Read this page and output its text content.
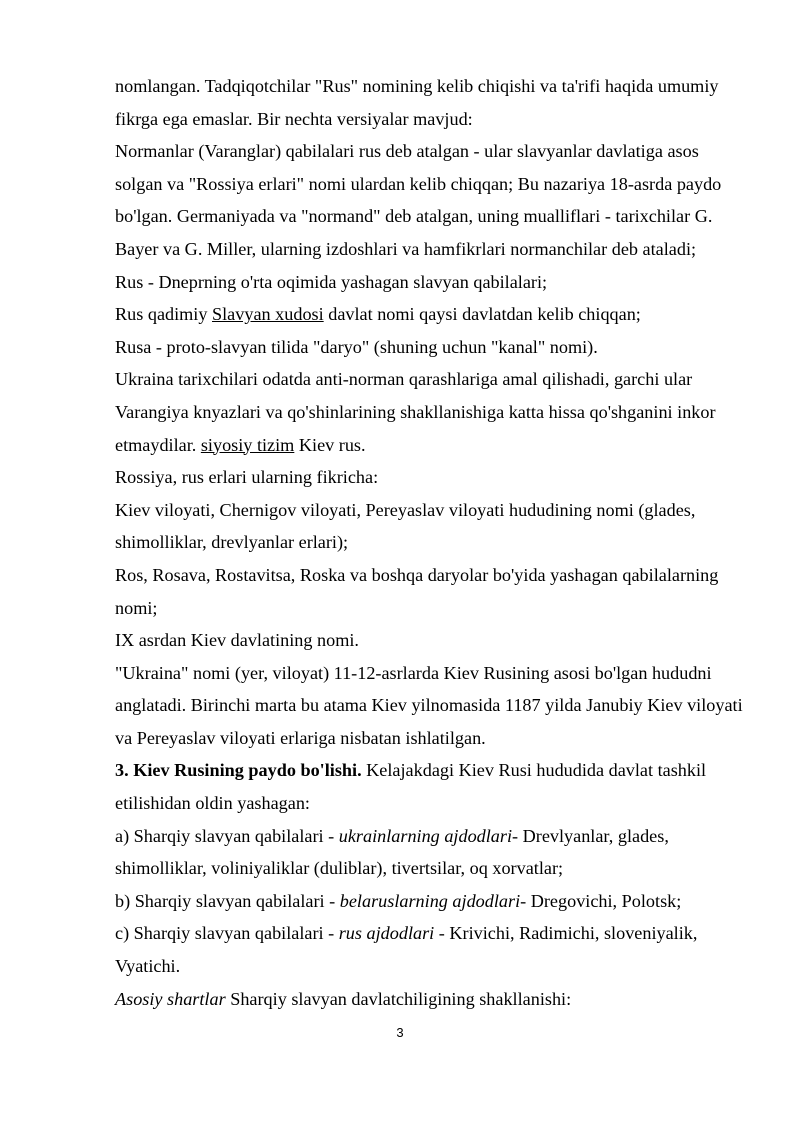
nomlangan. Tadqiqotchilar "Rus" nomining kelib chiqishi va ta'rifi haqida umumiy fikrga ega emaslar. Bir nechta versiyalar mavjud:

Normanlar (Varanglar) qabilalari rus deb atalgan - ular slavyanlar davlatiga asos solgan va "Rossiya erlari" nomi ulardan kelib chiqqan; Bu nazariya 18-asrda paydo bo'lgan. Germaniyada va "normand" deb atalgan, uning mualliflari - tarixchilar G. Bayer va G. Miller, ularning izdoshlari va hamfikrlari normanchilar deb ataladi;

Rus - Dneprning o'rta oqimida yashagan slavyan qabilalari;

Rus qadimiy Slavyan xudosi davlat nomi qaysi davlatdan kelib chiqqan;

Rusa - proto-slavyan tilida "daryo" (shuning uchun "kanal" nomi).

Ukraina tarixchilari odatda anti-norman qarashlariga amal qilishadi, garchi ular Varangiya knyazlari va qo'shinlarining shakllanishiga katta hissa qo'shganini inkor etmaydilar. siyosiy tizim Kiev rus.

Rossiya, rus erlari ularning fikricha:

Kiev viloyati, Chernigov viloyati, Pereyaslav viloyati hududining nomi (glades, shimolliklar, drevlyanlar erlari);

Ros, Rosava, Rostavitsa, Roska va boshqa daryolar bo'yida yashagan qabilalarning nomi;

IX asrdan Kiev davlatining nomi.

"Ukraina" nomi (yer, viloyat) 11-12-asrlarda Kiev Rusining asosi bo'lgan hududni anglatadi. Birinchi marta bu atama Kiev yilnomasida 1187 yilda Janubiy Kiev viloyati va Pereyaslav viloyati erlariga nisbatan ishlatilgan.

3. Kiev Rusining paydo bo'lishi. Kelajakdagi Kiev Rusi hududida davlat tashkil etilishidan oldin yashagan:

a) Sharqiy slavyan qabilalari - ukrainlarning ajdodlari- Drevlyanlar, glades, shimolliklar, voliniyaliklar (duliblar), tivertsilar, oq xorvatlar;

b) Sharqiy slavyan qabilalari - belaruslarning ajdodlari- Dregovichi, Polotsk;

c) Sharqiy slavyan qabilalari - rus ajdodlari - Krivichi, Radimichi, sloveniyalik, Vyatichi.

Asosiy shartlar Sharqiy slavyan davlatchiligining shakllanishi:

3
